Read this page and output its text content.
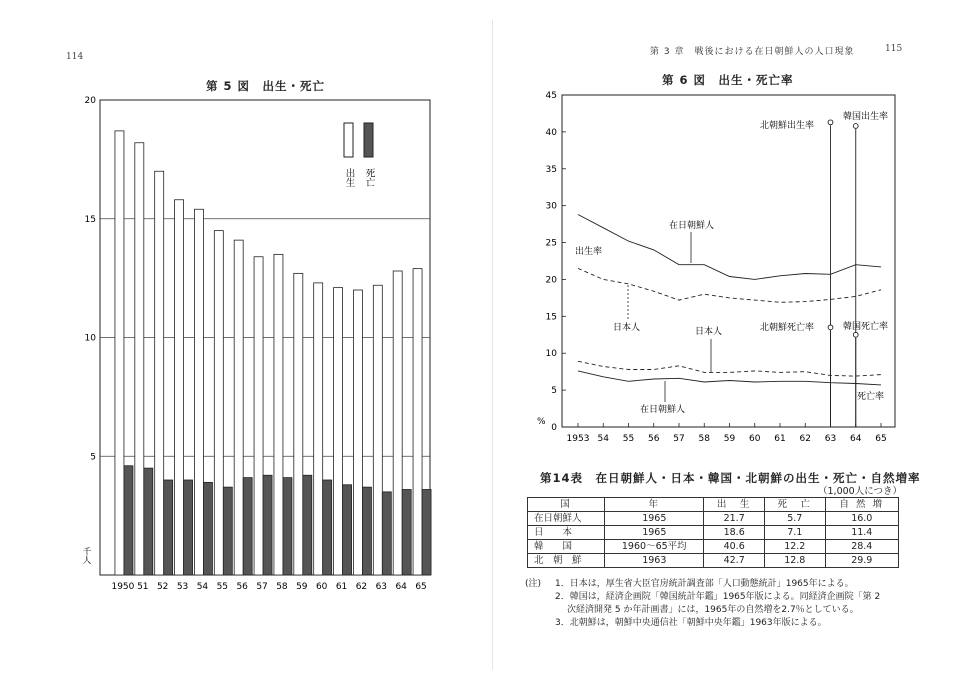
114	第 3 章　戦後における在日朝鮮人の人口現象	115
第 5 図　出生・死亡
5
10
15
20
1950 51 52 53 54 55 56 57 58 59 60 61 62 63 64 65
出生 死亡
千人
第 6 図　出生・死亡率
0
5
10
15
20
25
30
35
40
45
1953 54 55 56 57 58 59 60 61 62 63 64 65
出生率
死亡率
在日朝鮮人
日本人	日本人
在日朝鮮人
北朝鮮出生率
韓国出生率
北朝鮮死亡率	韓国死亡率
%
第14表　在日朝鮮人・日本・韓国・北朝鮮の出生・死亡・自然増率
（1,000人につき）
国	年	出　生	死　亡	自 然 増
在日朝鮮人	1965	21.7	5.7	16.0
日　　本	1965	18.6	7.1	11.4
韓　　国	1960～65平均	40.6	12.2	28.4
北　朝　鮮	1963	42.7	12.8	29.9
(注) 1．日本は，厚生省大臣官房統計調査部「人口動態統計」1965年による。
2．韓国は，経済企画院「韓国統計年鑑」1965年版による。同経済企画院「第 2
次経済開発 5 か年計画書」には，1965年の自然増を2.7％としている。
3．北朝鮮は，朝鮮中央通信社「朝鮮中央年鑑」1963年版による。
